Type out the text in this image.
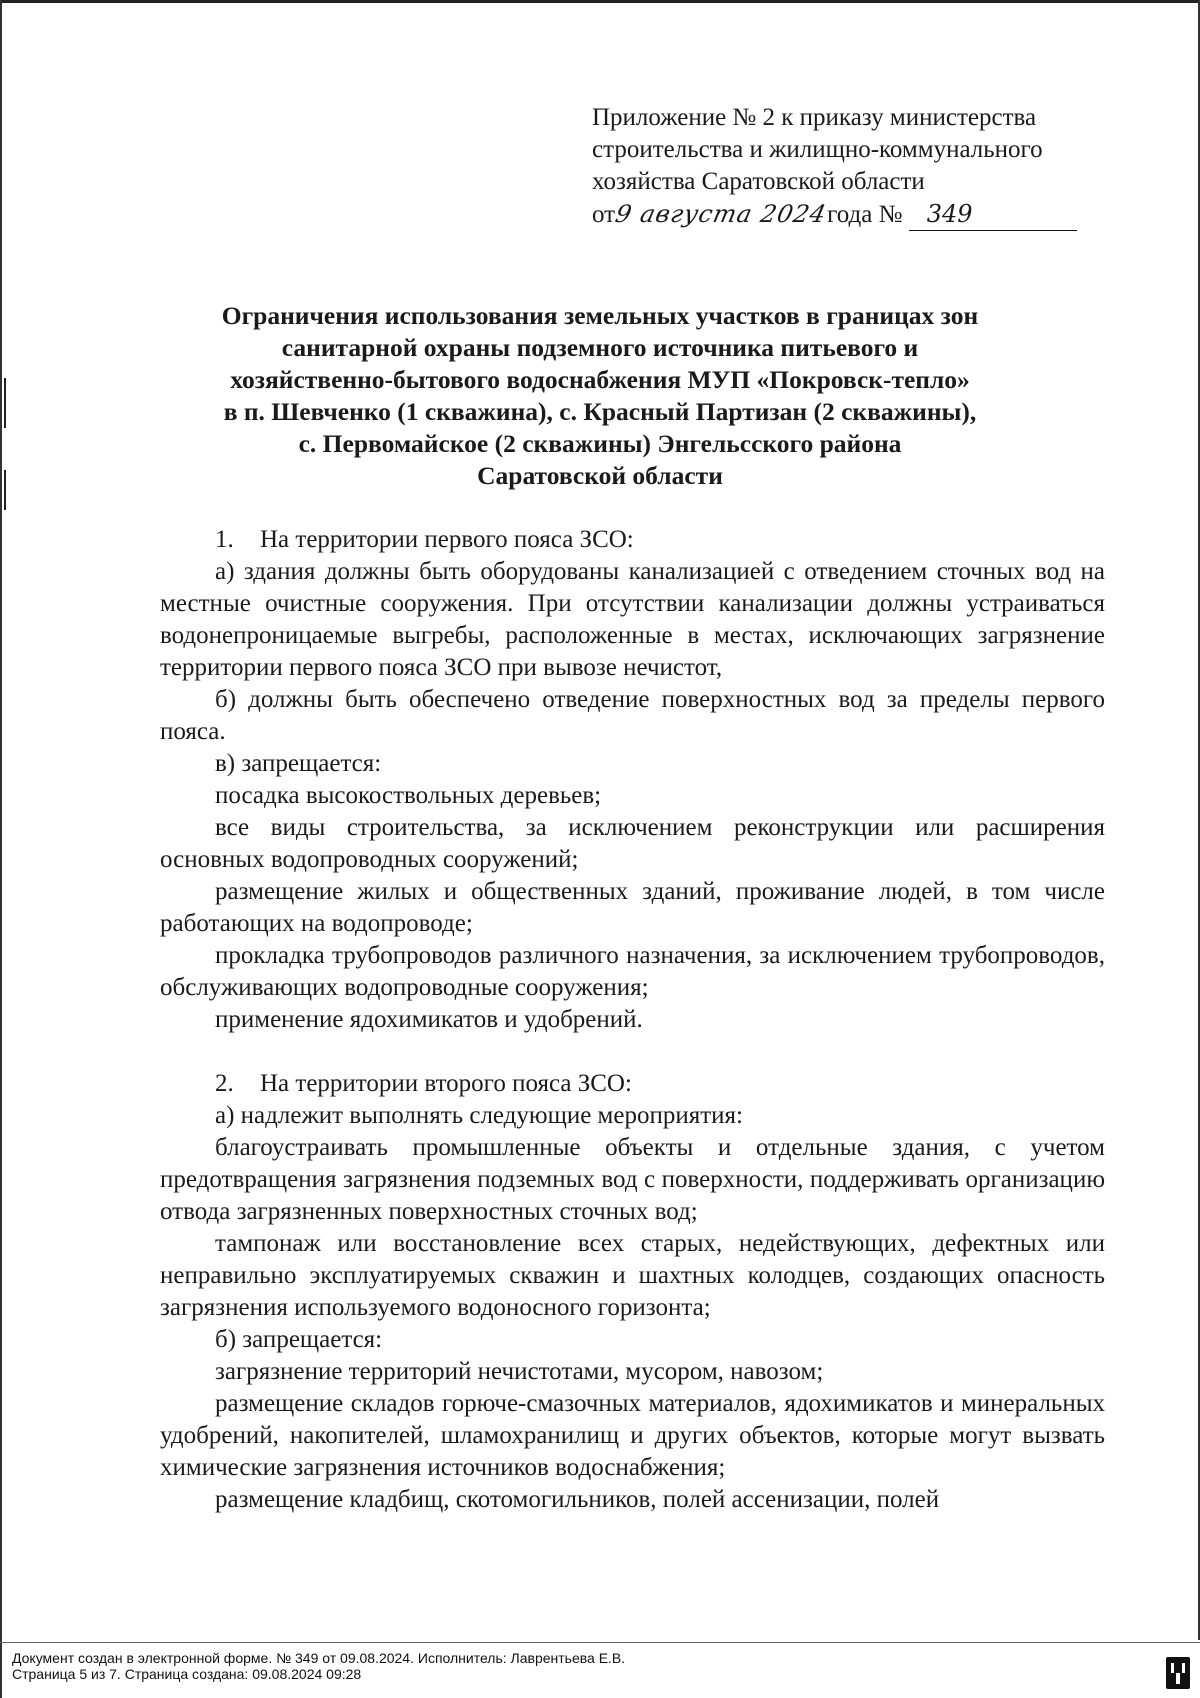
Приложение № 2 к приказу министерства
строительства и жилищно-коммунального
хозяйства Саратовской области
от9 августа 2024года № 349
Ограничения использования земельных участков в границах зон
санитарной охраны подземного источника питьевого и
хозяйственно-бытового водоснабжения МУП «Покровск-тепло»
в п. Шевченко (1 скважина), с. Красный Партизан (2 скважины),
с. Первомайское (2 скважины) Энгельсского района
Саратовской области

1. На территории первого пояса ЗСО:

а) здания должны быть оборудованы канализацией с отведением сточных вод на местные очистные сооружения. При отсутствии канализации должны устраиваться водонепроницаемые выгребы, расположенные в местах, исключающих загрязнение территории первого пояса ЗСО при вывозе нечистот,

б) должны быть обеспечено отведение поверхностных вод за пределы первого пояса.

в) запрещается:

посадка высокоствольных деревьев;

все виды строительства, за исключением реконструкции или расширения основных водопроводных сооружений;

размещение жилых и общественных зданий, проживание людей, в том числе работающих на водопроводе;

прокладка трубопроводов различного назначения, за исключением трубопроводов, обслуживающих водопроводные сооружения;

применение ядохимикатов и удобрений.

2. На территории второго пояса ЗСО:

а) надлежит выполнять следующие мероприятия:

благоустраивать промышленные объекты и отдельные здания, с учетом предотвращения загрязнения подземных вод с поверхности, поддерживать организацию отвода загрязненных поверхностных сточных вод;

тампонаж или восстановление всех старых, недействующих, дефектных или неправильно эксплуатируемых скважин и шахтных колодцев, создающих опасность загрязнения используемого водоносного горизонта;

б) запрещается:

загрязнение территорий нечистотами, мусором, навозом;

размещение складов горюче-смазочных материалов, ядохимикатов и минеральных удобрений, накопителей, шламохранилищ и других объектов, которые могут вызвать химические загрязнения источников водоснабжения;

размещение кладбищ, скотомогильников, полей ассенизации, полей

Документ создан в электронной форме. № 349 от 09.08.2024. Исполнитель: Лаврентьева Е.В.
Страница 5 из 7. Страница создана: 09.08.2024 09:28
